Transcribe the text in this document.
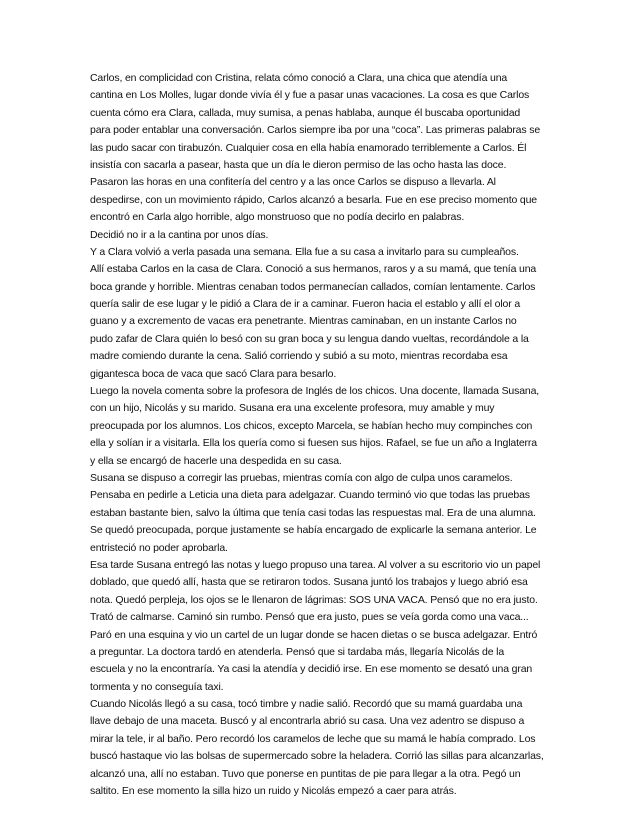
Carlos, en complicidad con Cristina, relata cómo conoció a Clara, una chica que atendía una
cantina en Los Molles, lugar donde vivía él y fue a pasar unas vacaciones. La cosa es que Carlos
cuenta cómo era Clara, callada, muy sumisa, a penas hablaba, aunque él buscaba oportunidad
para poder entablar una conversación. Carlos siempre iba por una “coca”. Las primeras palabras se
las pudo sacar con tirabuzón. Cualquier cosa en ella había enamorado terriblemente a Carlos. Él
insistía con sacarla a pasear, hasta que un día le dieron permiso de las ocho hasta las doce.
Pasaron las horas en una confitería del centro y a las once Carlos se dispuso a llevarla. Al
despedirse, con un movimiento rápido, Carlos alcanzó a besarla. Fue en ese preciso momento que
encontró en Carla algo horrible, algo monstruoso que no podía decirlo en palabras.
Decidió no ir a la cantina por unos días.
Y a Clara volvió a verla pasada una semana. Ella fue a su casa a invitarlo para su cumpleaños.
Allí estaba Carlos en la casa de Clara. Conoció a sus hermanos, raros y a su mamá, que tenía una
boca grande y horrible. Mientras cenaban todos permanecían callados, comían lentamente. Carlos
quería salir de ese lugar y le pidió a Clara de ir a caminar. Fueron hacia el establo y allí el olor a
guano y a excremento de vacas era penetrante. Mientras caminaban, en un instante Carlos no
pudo zafar de Clara quién lo besó con su gran boca y su lengua dando vueltas, recordándole a la
madre comiendo durante la cena. Salió corriendo y subió a su moto, mientras recordaba esa
gigantesca boca de vaca que sacó Clara para besarlo.
Luego la novela comenta sobre la profesora de Inglés de los chicos. Una docente, llamada Susana,
con un hijo, Nicolás y su marido. Susana era una excelente profesora, muy amable y muy
preocupada por los alumnos. Los chicos, excepto Marcela, se habían hecho muy compinches con
ella y solían ir a visitarla. Ella los quería como si fuesen sus hijos. Rafael, se fue un año a Inglaterra
y ella se encargó de hacerle una despedida en su casa.
Susana se dispuso a corregir las pruebas, mientras comía con algo de culpa unos caramelos.
Pensaba en pedirle a Leticia una dieta para adelgazar. Cuando terminó vio que todas las pruebas
estaban bastante bien, salvo la última que tenía casi todas las respuestas mal. Era de una alumna.
Se quedó preocupada, porque justamente se había encargado de explicarle la semana anterior. Le
entristeció no poder aprobarla.
Esa tarde Susana entregó las notas y luego propuso una tarea. Al volver a su escritorio vio un papel
doblado, que quedó allí, hasta que se retiraron todos. Susana juntó los trabajos y luego abrió esa
nota. Quedó perpleja, los ojos se le llenaron de lágrimas: SOS UNA VACA. Pensó que no era justo.
Trató de calmarse. Caminó sin rumbo. Pensó que era justo, pues se veía gorda como una vaca...
Paró en una esquina y vio un cartel de un lugar donde se hacen dietas o se busca adelgazar. Entró
a preguntar. La doctora tardó en atenderla. Pensó que si tardaba más, llegaría Nicolás de la
escuela y no la encontraría. Ya casi la atendía y decidió irse. En ese momento se desató una gran
tormenta y no conseguía taxi.
Cuando Nicolás llegó a su casa, tocó timbre y nadie salió. Recordó que su mamá guardaba una
llave debajo de una maceta. Buscó y al encontrarla abrió su casa. Una vez adentro se dispuso a
mirar la tele, ir al baño. Pero recordó los caramelos de leche que su mamá le había comprado. Los
buscó hastaque vio las bolsas de supermercado sobre la heladera. Corrió las sillas para alcanzarlas,
alcanzó una, allí no estaban. Tuvo que ponerse en puntitas de pie para llegar a la otra. Pegó un
saltito. En ese momento la silla hizo un ruido y Nicolás empezó a caer para atrás.
